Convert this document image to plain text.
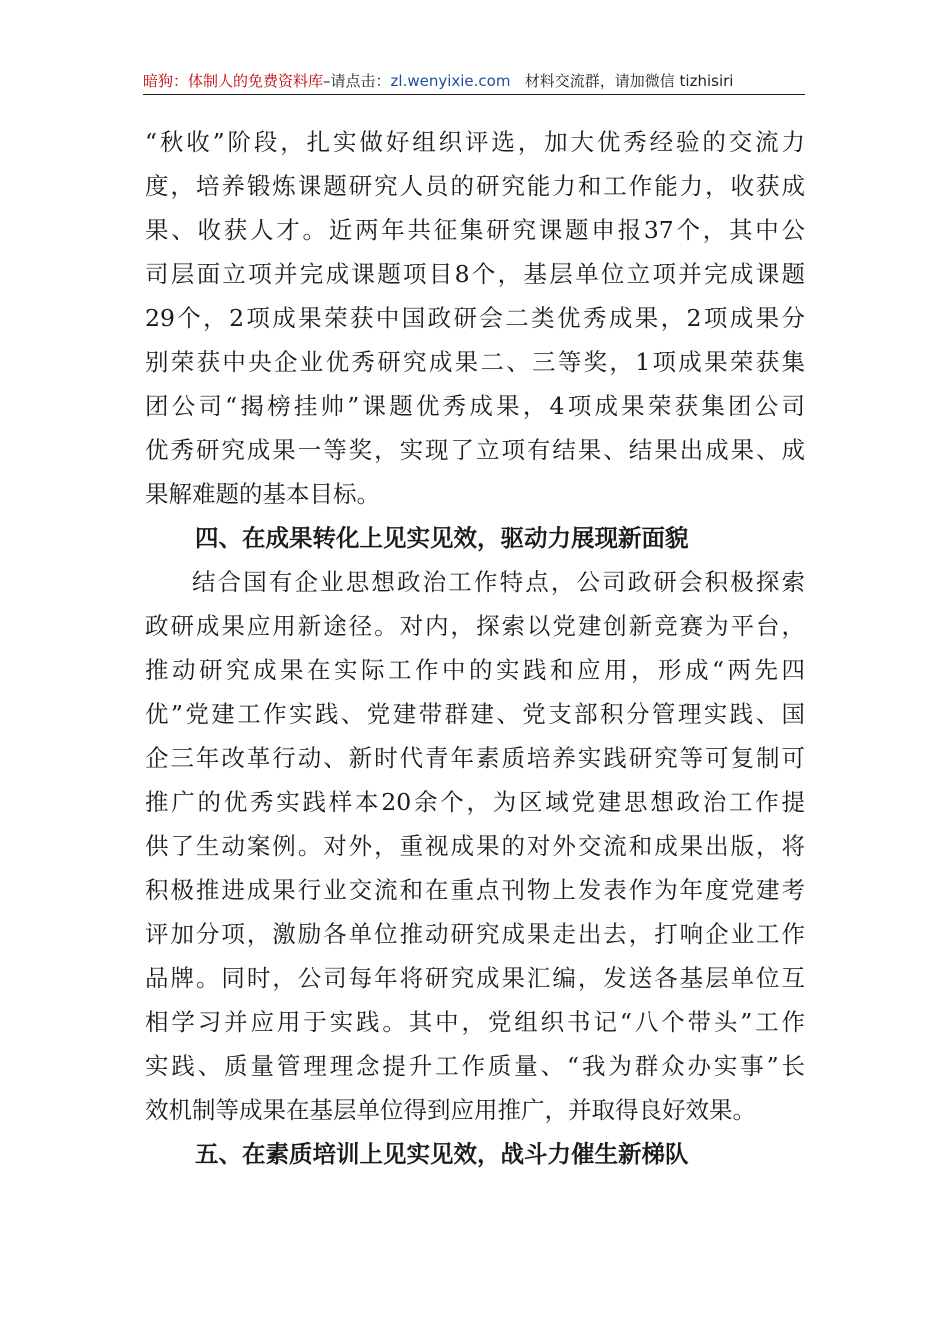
暗狗：体制人的免费资料库–请点击：zl.wenyixie.com 材料交流群，请加微信 tizhisiri
“秋收”阶段，扎实做好组织评选，加大优秀经验的交流力
度，培养锻炼课题研究人员的研究能力和工作能力，收获成
果、收获人才。近两年共征集研究课题申报37个，其中公
司层面立项并完成课题项目8个，基层单位立项并完成课题
29个，2项成果荣获中国政研会二类优秀成果，2项成果分
别荣获中央企业优秀研究成果二、三等奖，1项成果荣获集
团公司“揭榜挂帅”课题优秀成果，4项成果荣获集团公司
优秀研究成果一等奖，实现了立项有结果、结果出成果、成
果解难题的基本目标。
四、在成果转化上见实见效，驱动力展现新面貌
结合国有企业思想政治工作特点，公司政研会积极探索
政研成果应用新途径。对内，探索以党建创新竞赛为平台，
推动研究成果在实际工作中的实践和应用，形成“两先四
优”党建工作实践、党建带群建、党支部积分管理实践、国
企三年改革行动、新时代青年素质培养实践研究等可复制可
推广的优秀实践样本20余个，为区域党建思想政治工作提
供了生动案例。对外，重视成果的对外交流和成果出版，将
积极推进成果行业交流和在重点刊物上发表作为年度党建考
评加分项，激励各单位推动研究成果走出去，打响企业工作
品牌。同时，公司每年将研究成果汇编，发送各基层单位互
相学习并应用于实践。其中，党组织书记“八个带头”工作
实践、质量管理理念提升工作质量、“我为群众办实事”长
效机制等成果在基层单位得到应用推广，并取得良好效果。
五、在素质培训上见实见效，战斗力催生新梯队
